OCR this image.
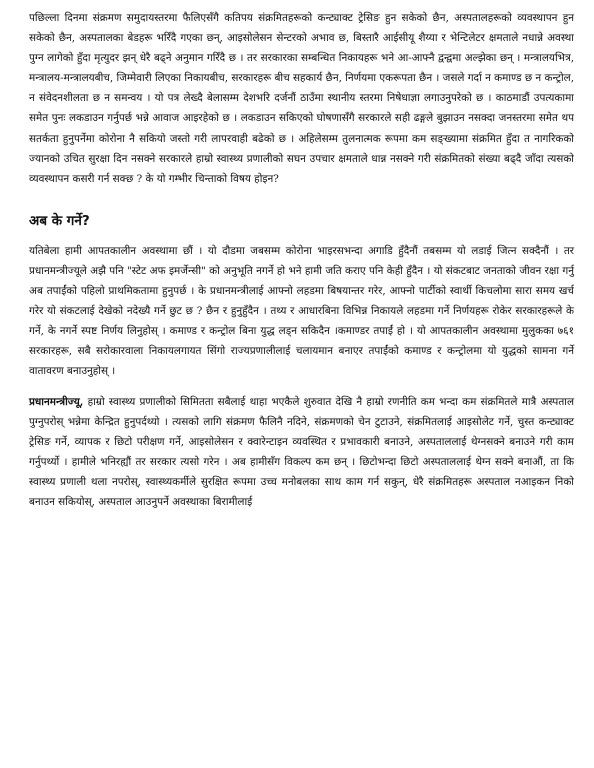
पछिल्ला दिनमा संक्रमण समुदायस्तरमा फैलिएसँगै कतिपय संक्रमितहरूको कन्ट्याक्ट ट्रेसिङ हुन सकेको छैन, अस्पतालहरूको व्यवस्थापन हुन सकेको छैन, अस्पतालका बेडहरू भरिँदै गएका छन्, आइसोलेसन सेन्टरको अभाव छ, बिस्तारै आईसीयू शैय्या र भेन्टिलेटर क्षमताले नधान्ने अवस्था पुग्न लागेको हुँदा मृत्युदर झन् धेरै बढ्ने अनुमान गरिँदै छ । तर सरकारका सम्बन्धित निकायहरू भने आ-आफ्नै द्वन्द्वमा अल्झेका छन् । मन्त्रालयभित्र, मन्त्रालय-मन्त्रालयबीच, जिम्मेवारी लिएका निकायबीच, सरकारहरू बीच सहकार्य छैन, निर्णयमा एकरूपता छैन । जसले गर्दा न कमाण्ड छ न कन्ट्रोल, न संवेदनशीलता छ न समन्वय । यो पत्र लेख्दै बेलासम्म देशभरि दर्जनौं ठाउँमा स्थानीय स्तरमा निषेधाज्ञा लगाउनुपरेको छ । काठमाडौं उपत्यकामा समेत पुनः लकडाउन गर्नुपर्छ भन्ने आवाज आइरहेको छ । लकडाउन सकिएको घोषणासँगै सरकारले सही ढङ्गले बुझाउन नसक्दा जनस्तरमा समेत थप सतर्कता हुनुपर्नेमा कोरोना नै सकियो जस्तो गरी लापरवाही बढेको छ । अहिलेसम्म तुलनात्मक रूपमा कम सङ्ख्यामा संक्रमित हुँदा त नागरिकको ज्यानको उचित सुरक्षा दिन नसक्ने सरकारले हाम्रो स्वास्थ्य प्रणालीको सघन उपचार क्षमताले धान्न नसक्ने गरी संक्रमितको संख्या बढ्दै जाँदा त्यसको व्यवस्थापन कसरी गर्न सक्छ ? के यो गम्भीर चिन्ताको विषय होइन?

अब के गर्ने?

यतिबेला हामी आपतकालीन अवस्थामा छौं । यो दौडमा जबसम्म कोरोना भाइरसभन्दा अगाडि हुँदैनौं तबसम्म यो लडाई जित्न सक्दैनौं । तर प्रधानमन्त्रीज्यूले अझै पनि "स्टेट अफ इमर्जेन्सी" को अनुभूति नगर्ने हो भने हामी जति कराए पनि केही हुँदैन । यो संकटबाट जनताको जीवन रक्षा गर्नु अब तपाईंको पहिलो प्राथमिकतामा हुनुपर्छ । के प्रधानमन्त्रीलाई आफ्नो लहडमा बिषयान्तर गरेर, आफ्नो पार्टीको स्वार्थी किचलोमा सारा समय खर्च गरेर यो संकटलाई देखेको नदेख्यै गर्ने छुट छ ? छैन र हुनुहुँदैन । तथ्य र आधारबिना विभिन्न निकायले लहडमा गर्ने निर्णयहरू रोकेर सरकारहरूले के गर्ने, के नगर्ने स्पष्ट निर्णय लिनुहोस् । कमाण्ड र कन्ट्रोल बिना युद्ध लड्न सकिदैन ।कमाण्डर तपाईं हो । यो आपतकालीन अवस्थामा मुलुकका ७६१ सरकारहरू, सबै सरोकारवाला निकायलगायत सिंगो राज्यप्रणालीलाई चलायमान बनाएर तपाईंको कमाण्ड र कन्ट्रोलमा यो युद्धको सामना गर्ने वातावरण बनाउनुहोस् ।

प्रधानमन्त्रीज्यू, हाम्रो स्वास्थ्य प्रणालीको सिमितता सबैलाई थाहा भएकैले शुरुवात देखि नै हाम्रो रणनीति कम भन्दा कम संक्रमितले मात्रै अस्पताल पुग्नुपरोस् भन्नेमा केन्द्रित हुनुपर्दथ्यो । त्यसको लागि संक्रमण फैलिनै नदिने, संक्रमणको चेन टुटाउने, संक्रमितलाई आइसोलेट गर्ने, चुस्त कन्ट्याक्ट ट्रेसिङ गर्ने, व्यापक र छिटो परीक्षण गर्ने, आइसोलेसन र क्वारेन्टाइन व्यवस्थित र प्रभावकारी बनाउने, अस्पताललाई थेग्नसक्ने बनाउने गरी काम गर्नुपर्थ्यो । हामीले भनिरह्यौं तर सरकार त्यसो गरेन । अब हामीसँग विकल्प कम छन् । छिटोभन्दा छिटो अस्पताललाई थेग्न सक्ने बनाऔं, ता कि स्वास्थ्य प्रणाली थला नपरोस्, स्वास्थ्यकर्मीले सुरक्षित रूपमा उच्च मनोबलका साथ काम गर्न सकुन्, धेरै संक्रमितहरू अस्पताल नआइकन निको बनाउन सकियोस्, अस्पताल आउनुपर्ने अवस्थाका बिरामीलाई
